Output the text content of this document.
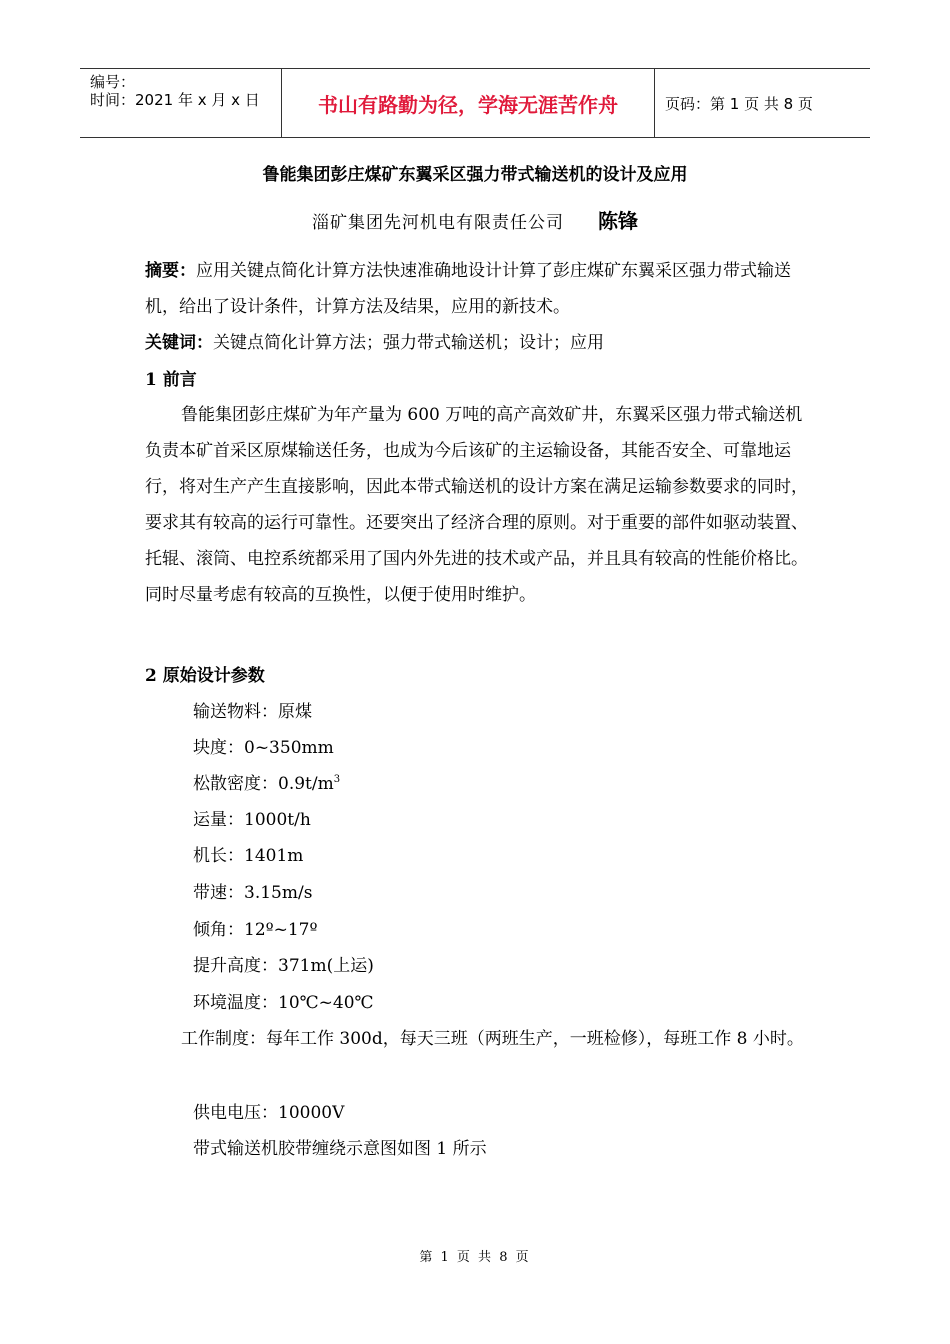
编号：
时间：2021 年 x 月 x 日	书山有路勤为径，学海无涯苦作舟	页码：第 1 页 共 8 页
鲁能集团彭庄煤矿东翼采区强力带式输送机的设计及应用
淄矿集团先河机电有限责任公司 陈锋
摘要：应用关键点简化计算方法快速准确地设计计算了彭庄煤矿东翼采区强力带式输送机，给出了设计条件，计算方法及结果，应用的新技术。
关键词：关键点简化计算方法；强力带式输送机；设计；应用
1 前言
鲁能集团彭庄煤矿为年产量为 600 万吨的高产高效矿井，东翼采区强力带式输送机负责本矿首采区原煤输送任务，也成为今后该矿的主运输设备，其能否安全、可靠地运行，将对生产产生直接影响，因此本带式输送机的设计方案在满足运输参数要求的同时，要求其有较高的运行可靠性。还要突出了经济合理的原则。对于重要的部件如驱动装置、托辊、滚筒、电控系统都采用了国内外先进的技术或产品，并且具有较高的性能价格比。同时尽量考虑有较高的互换性，以便于使用时维护。
2 原始设计参数
输送物料：原煤
块度：0~350mm
松散密度：$0.9t/m^3$
运量：1000t/h
机长：1401m
带速：3.15m/s
倾角：12º~17º
提升高度：371m(上运)
环境温度：10℃~40℃
工作制度：每年工作 300d，每天三班（两班生产，一班检修），每班工作 8 小时。
供电电压：10000V
带式输送机胶带缠绕示意图如图 1 所示
第 1 页 共 8 页
